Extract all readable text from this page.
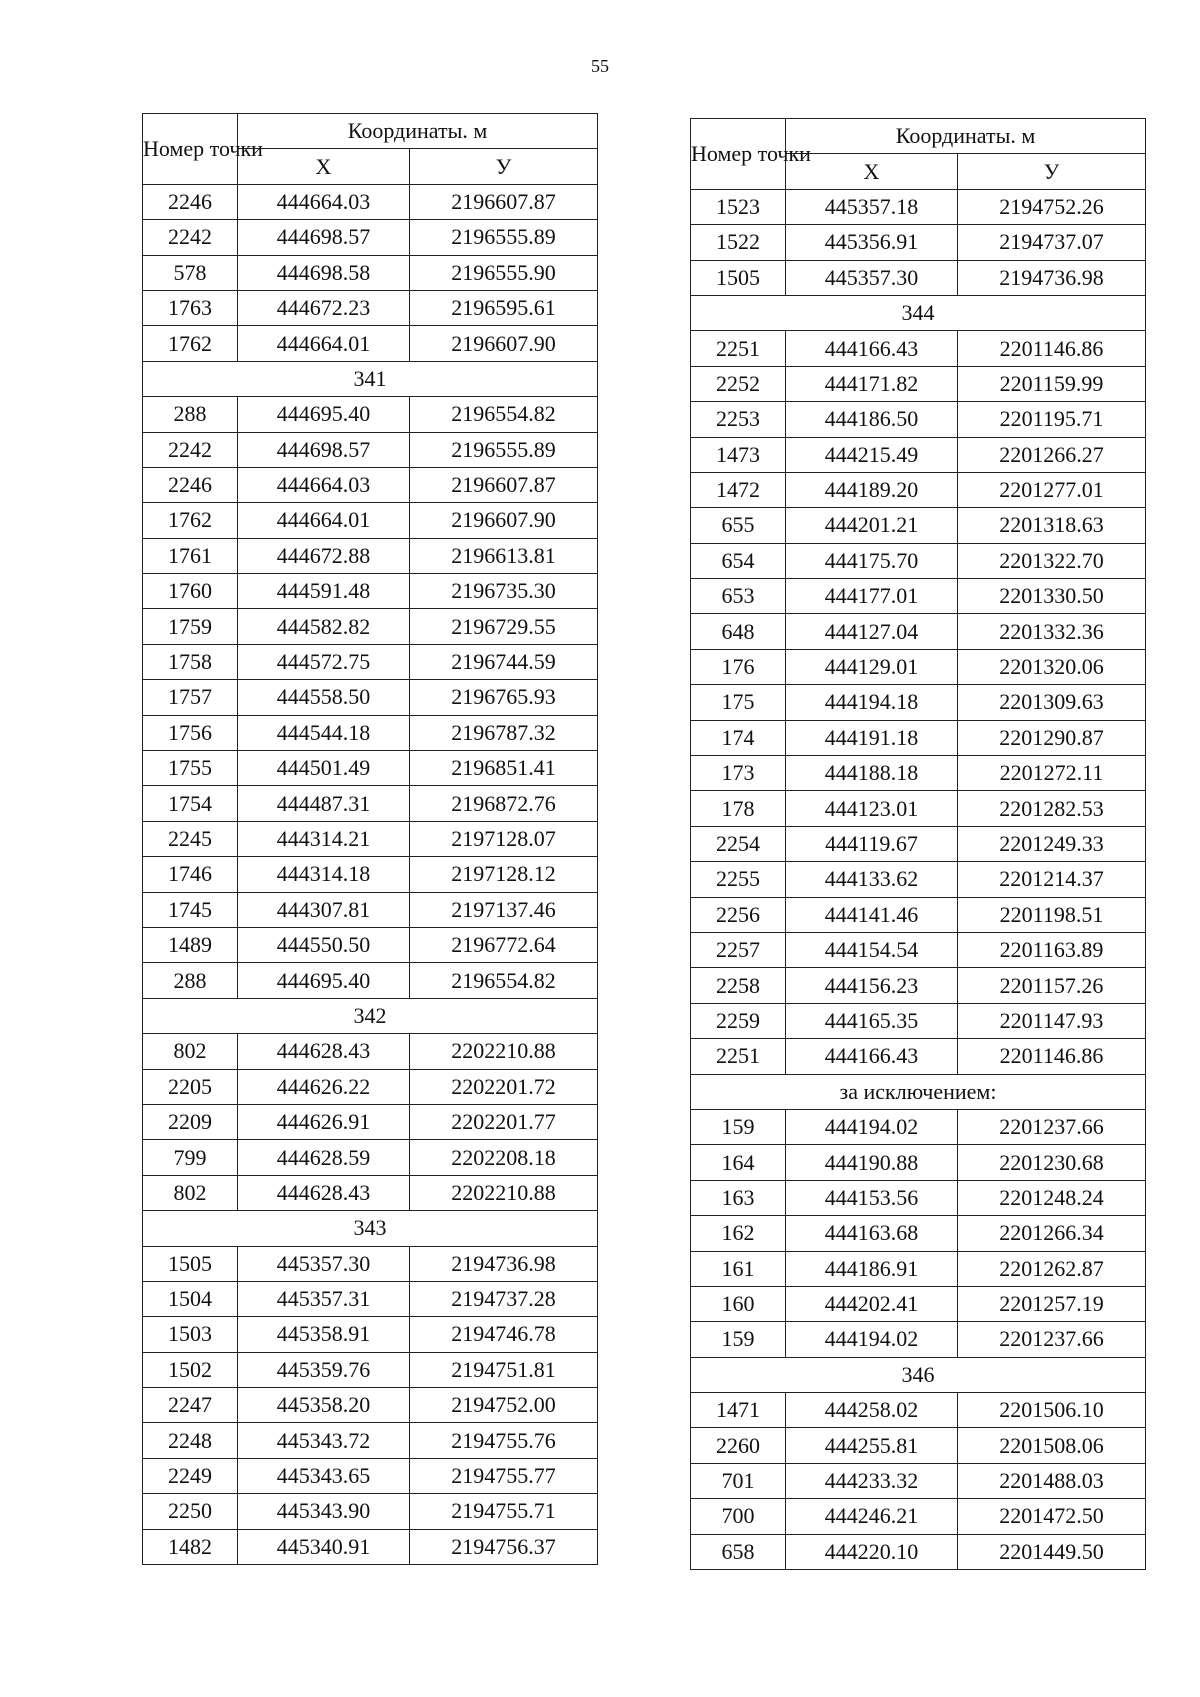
55
Номер точки	Координаты. м	
	X	У
2246	444664.03	2196607.87
2242	444698.57	2196555.89
578	444698.58	2196555.90
1763	444672.23	2196595.61
1762	444664.01	2196607.90
341		
288	444695.40	2196554.82
2242	444698.57	2196555.89
2246	444664.03	2196607.87
1762	444664.01	2196607.90
1761	444672.88	2196613.81
1760	444591.48	2196735.30
1759	444582.82	2196729.55
1758	444572.75	2196744.59
1757	444558.50	2196765.93
1756	444544.18	2196787.32
1755	444501.49	2196851.41
1754	444487.31	2196872.76
2245	444314.21	2197128.07
1746	444314.18	2197128.12
1745	444307.81	2197137.46
1489	444550.50	2196772.64
288	444695.40	2196554.82
342		
802	444628.43	2202210.88
2205	444626.22	2202201.72
2209	444626.91	2202201.77
799	444628.59	2202208.18
802	444628.43	2202210.88
343		
1505	445357.30	2194736.98
1504	445357.31	2194737.28
1503	445358.91	2194746.78
1502	445359.76	2194751.81
2247	445358.20	2194752.00
2248	445343.72	2194755.76
2249	445343.65	2194755.77
2250	445343.90	2194755.71
1482	445340.91	2194756.37
Номер точки	Координаты. м	
	X	У
1523	445357.18	2194752.26
1522	445356.91	2194737.07
1505	445357.30	2194736.98
344		
2251	444166.43	2201146.86
2252	444171.82	2201159.99
2253	444186.50	2201195.71
1473	444215.49	2201266.27
1472	444189.20	2201277.01
655	444201.21	2201318.63
654	444175.70	2201322.70
653	444177.01	2201330.50
648	444127.04	2201332.36
176	444129.01	2201320.06
175	444194.18	2201309.63
174	444191.18	2201290.87
173	444188.18	2201272.11
178	444123.01	2201282.53
2254	444119.67	2201249.33
2255	444133.62	2201214.37
2256	444141.46	2201198.51
2257	444154.54	2201163.89
2258	444156.23	2201157.26
2259	444165.35	2201147.93
2251	444166.43	2201146.86
за исключением:		
159	444194.02	2201237.66
164	444190.88	2201230.68
163	444153.56	2201248.24
162	444163.68	2201266.34
161	444186.91	2201262.87
160	444202.41	2201257.19
159	444194.02	2201237.66
346		
1471	444258.02	2201506.10
2260	444255.81	2201508.06
701	444233.32	2201488.03
700	444246.21	2201472.50
658	444220.10	2201449.50
